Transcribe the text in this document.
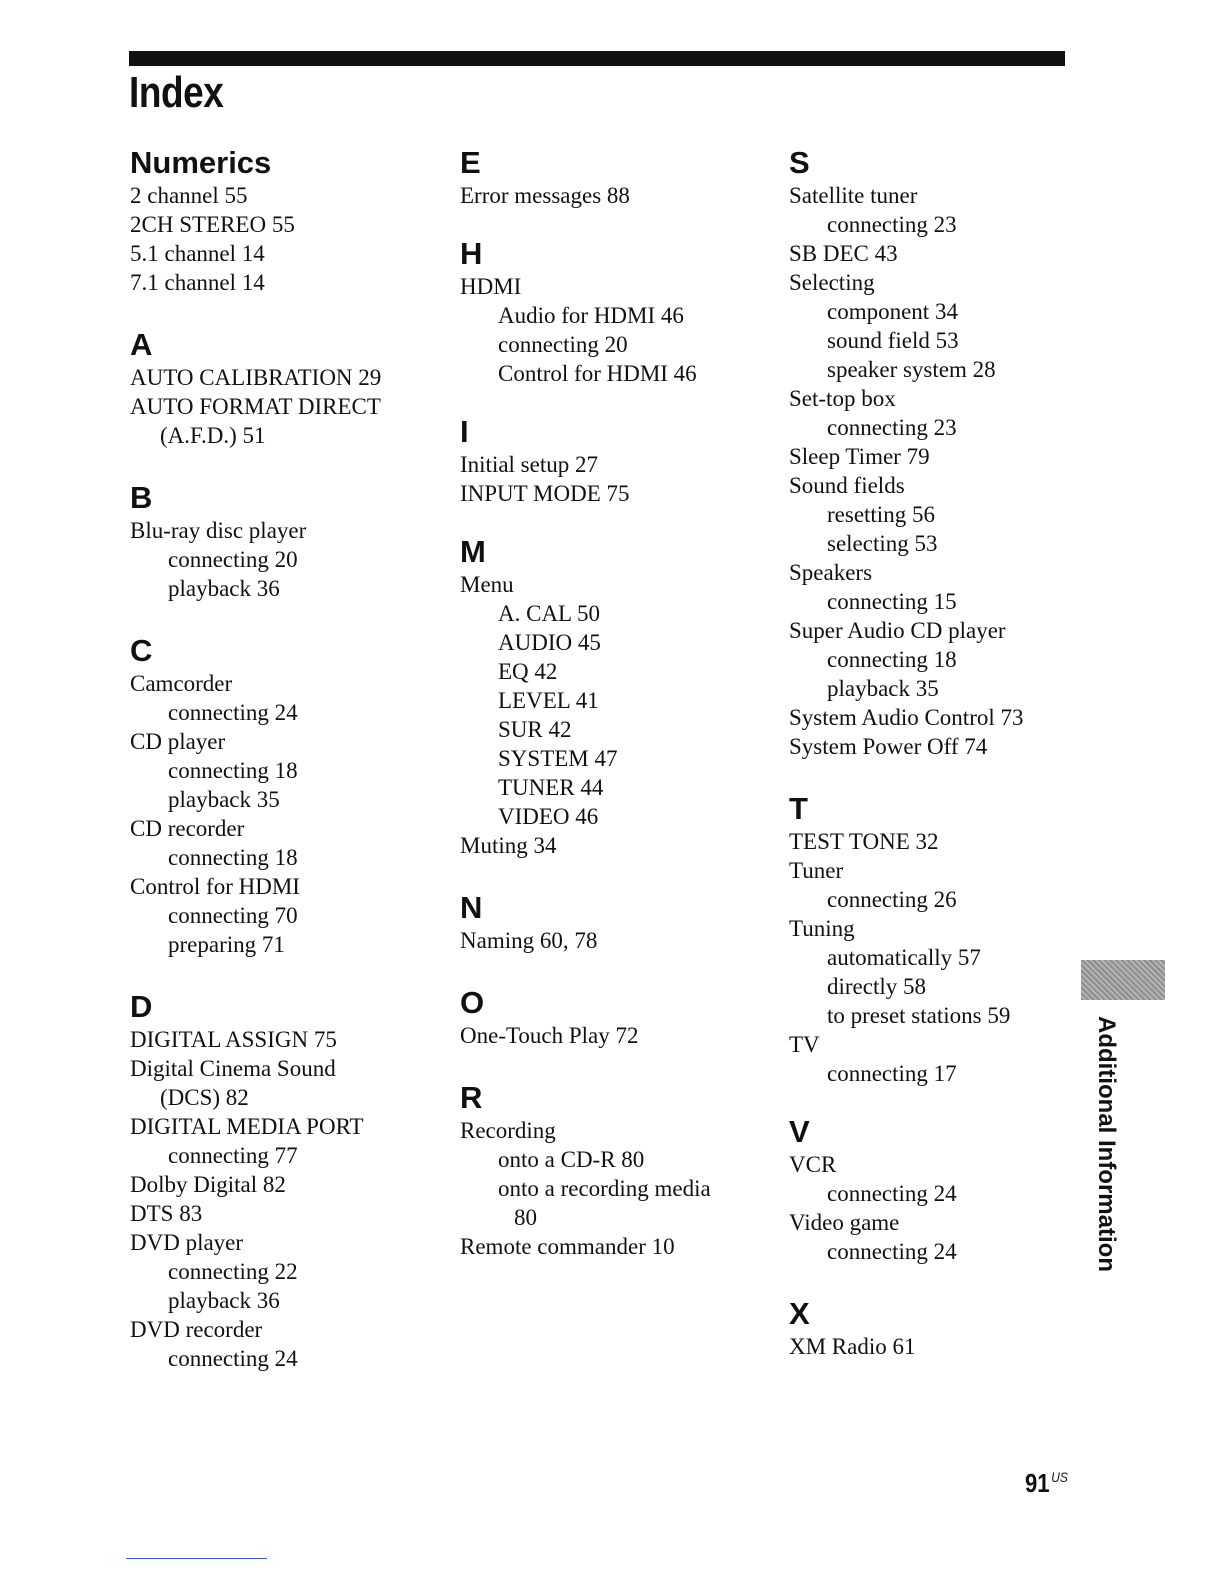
Index
Numerics
2 channel 55
2CH STEREO 55
5.1 channel 14
7.1 channel 14
A
AUTO CALIBRATION 29
AUTO FORMAT DIRECT
(A.F.D.) 51
B
Blu-ray disc player
connecting 20
playback 36
C
Camcorder
connecting 24
CD player
connecting 18
playback 35
CD recorder
connecting 18
Control for HDMI
connecting 70
preparing 71
D
DIGITAL ASSIGN 75
Digital Cinema Sound
(DCS) 82
DIGITAL MEDIA PORT
connecting 77
Dolby Digital 82
DTS 83
DVD player
connecting 22
playback 36
DVD recorder
connecting 24
E
Error messages 88
H
HDMI
Audio for HDMI 46
connecting 20
Control for HDMI 46
I
Initial setup 27
INPUT MODE 75
M
Menu
A. CAL 50
AUDIO 45
EQ 42
LEVEL 41
SUR 42
SYSTEM 47
TUNER 44
VIDEO 46
Muting 34
N
Naming 60, 78
O
One-Touch Play 72
R
Recording
onto a CD-R 80
onto a recording media
80
Remote commander 10
S
Satellite tuner
connecting 23
SB DEC 43
Selecting
component 34
sound field 53
speaker system 28
Set-top box
connecting 23
Sleep Timer 79
Sound fields
resetting 56
selecting 53
Speakers
connecting 15
Super Audio CD player
connecting 18
playback 35
System Audio Control 73
System Power Off 74
T
TEST TONE 32
Tuner
connecting 26
Tuning
automatically 57
directly 58
to preset stations 59
TV
connecting 17
V
VCR
connecting 24
Video game
connecting 24
X
XM Radio 61
Additional Information
91 $^{US}$
